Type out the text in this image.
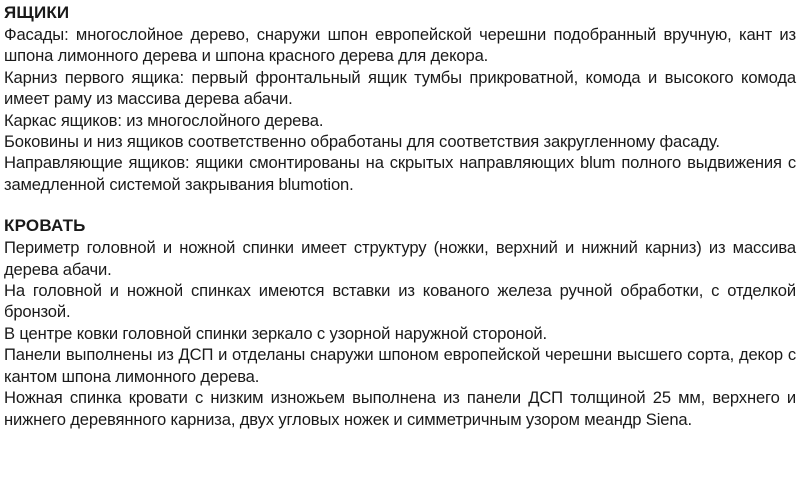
ЯЩИКИ

Фасады: многослойное дерево, снаружи шпон европейской черешни подобранный вручную, кант из шпона лимонного дерева и шпона красного дерева для декора.

Карниз первого ящика: первый фронтальный ящик тумбы прикроватной, комода и высокого комода имеет раму из массива дерева абачи.

Каркас ящиков: из многослойного дерева.

Боковины и низ ящиков соответственно обработаны для соответствия закругленному фасаду.

Направляющие ящиков: ящики смонтированы на скрытых направляющих blum полного выдвижения с замедленной системой закрывания blumotion.

КРОВАТЬ

Периметр головной и ножной спинки имеет структуру (ножки, верхний и нижний карниз) из массива дерева абачи.

На головной и ножной спинках имеются вставки из кованого железа ручной обработки, с отделкой бронзой.

В центре ковки головной спинки зеркало с узорной наружной стороной.

Панели выполнены из ДСП и отделаны снаружи шпоном европейской черешни высшего сорта, декор с кантом шпона лимонного дерева.

Ножная спинка кровати с низким изножьем выполнена из панели ДСП толщиной 25 мм, верхнего и нижнего деревянного карниза, двух угловых ножек и симметричным узором меандр Siena.
